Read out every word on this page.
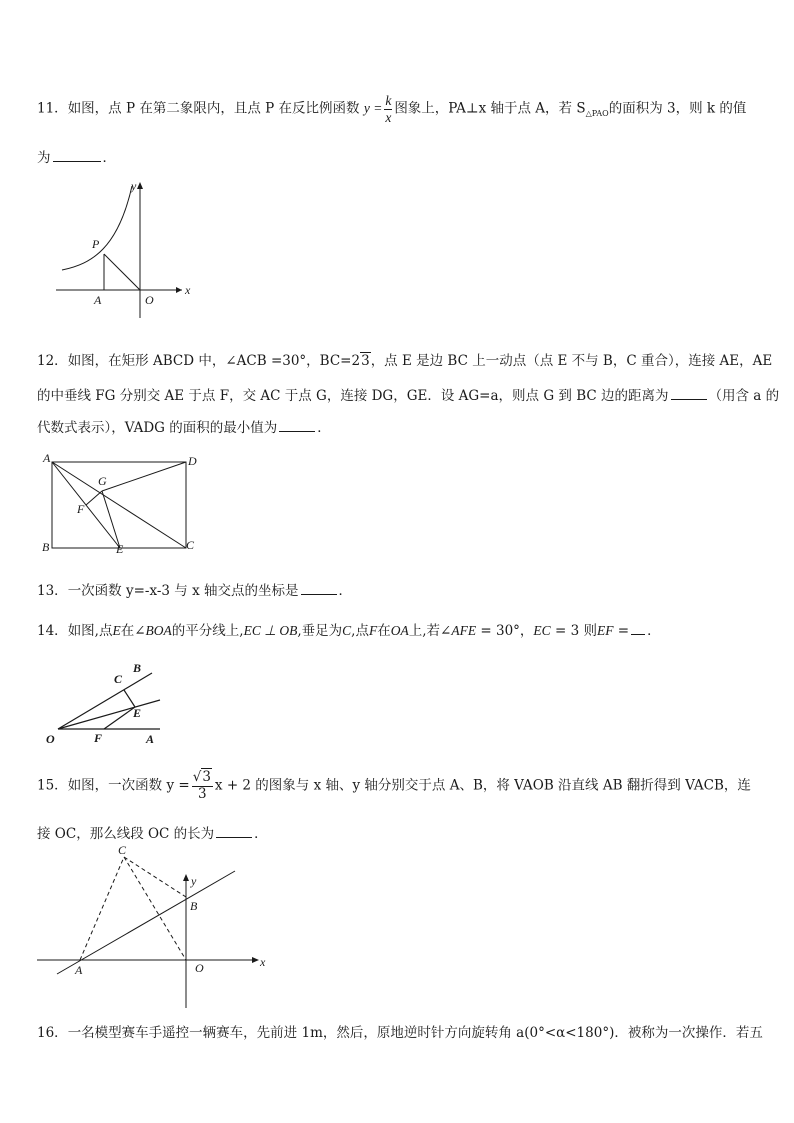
11．如图，点 P 在第二象限内，且点 P 在反比例函数 $y = \frac{k}{x}$ 图象上，PA⊥x 轴于点 A，若 $S_{\triangle PAO}$的面积为 3，则 k 的值
为	．
y
P
A	O
x
12．如图，在矩形 ABCD 中，∠ACB =30°，BC=23，点 E 是边 BC 上一动点（点 E 不与 B，C 重合），连接 AE，AE
的中垂线 FG 分别交 AE 于点 F，交 AC 于点 G，连接 DG，GE．设 AG=a，则点 G 到 BC 边的距离为	（用含 a 的
代数式表示），VADG 的面积的最小值为	．
A	D
G
F
B	E	C
13．一次函数 y=-x-3 与 x 轴交点的坐标是	．
14．如图,点E在∠BOA的平分线上,EC ⊥ OB,垂足为C,点F在OA上,若∠AFE = 30°，EC = 3 则EF = ．
B
C
E
O	F	A
15．如图，一次函数 $y = \frac{√3}{3}$ x + 2 的图象与 x 轴、y 轴分别交于点 A、B，将 VAOB 沿直线 AB 翻折得到 VACB，连
接 OC，那么线段 OC 的长为	．
C
y
B
A	O	x
16．一名模型赛车手遥控一辆赛车，先前进 1m，然后，原地逆时针方向旋转角 a(0°<α<180°)．被称为一次操作．若五
